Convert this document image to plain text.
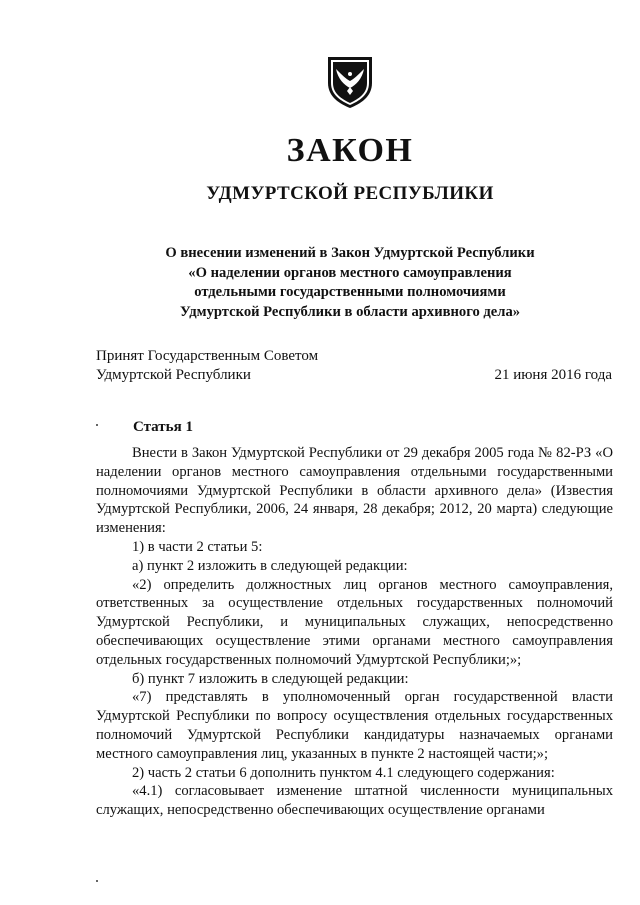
ЗАКОН
УДМУРТСКОЙ РЕСПУБЛИКИ
О внесении изменений в Закон Удмуртской Республики
«О наделении органов местного самоуправления
отдельными государственными полномочиями
Удмуртской Республики в области архивного дела»
Принят Государственным Советом
Удмуртской Республики	21 июня 2016 года
Статья 1

Внести в Закон Удмуртской Республики от 29 декабря 2005 года № 82-РЗ «О наделении органов местного самоуправления отдельными государственными полномочиями Удмуртской Республики в области архивного дела» (Известия Удмуртской Республики, 2006, 24 января, 28 декабря; 2012, 20 марта) следующие изменения:

1) в части 2 статьи 5:

а) пункт 2 изложить в следующей редакции:

«2) определить должностных лиц органов местного самоуправления, ответственных за осуществление отдельных государственных полномочий Удмуртской Республики, и муниципальных служащих, непосредственно обеспечивающих осуществление этими органами местного самоуправления отдельных государственных полномочий Удмуртской Республики;»;

б) пункт 7 изложить в следующей редакции:

«7) представлять в уполномоченный орган государственной власти Удмуртской Республики по вопросу осуществления отдельных государственных полномочий Удмуртской Республики кандидатуры назначаемых органами местного самоуправления лиц, указанных в пункте 2 настоящей части;»;

2) часть 2 статьи 6 дополнить пунктом 4.1 следующего содержания:

«4.1) согласовывает изменение штатной численности муниципальных служащих, непосредственно обеспечивающих осуществление органами
